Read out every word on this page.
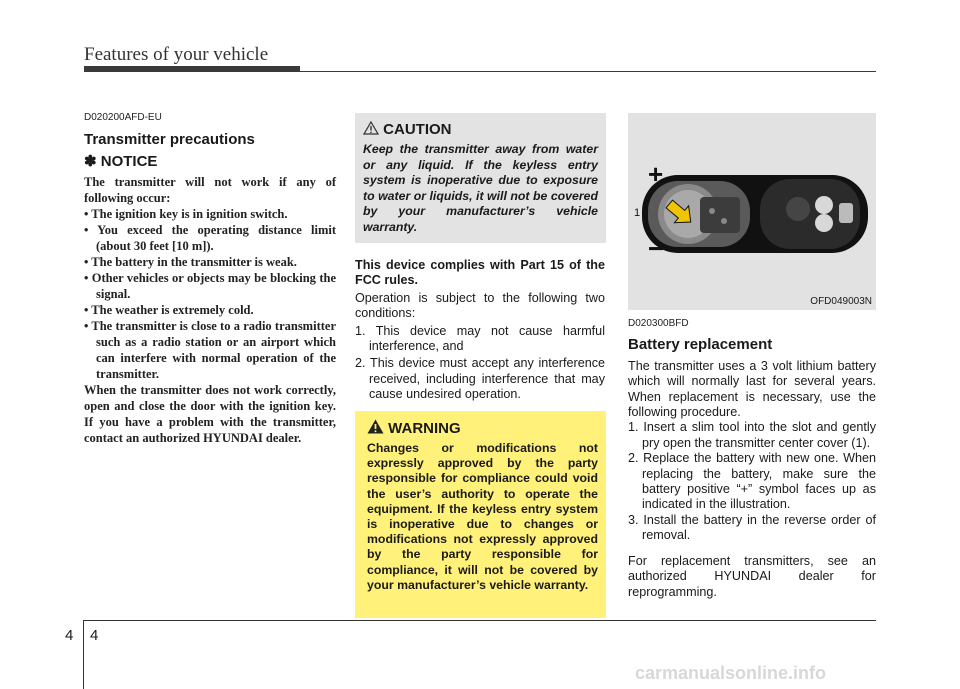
Features of your vehicle
D020200AFD-EU
Transmitter precautions
✽ NOTICE

The transmitter will not work if any of following occur:

• The ignition key is in ignition switch.
• You exceed the operating distance limit (about 30 feet [10 m]).
• The battery in the transmitter is weak.
• Other vehicles or objects may be blocking the signal.
• The weather is extremely cold.
• The transmitter is close to a radio transmitter such as a radio station or an airport which can interfere with normal operation of the transmitter.

When the transmitter does not work correctly, open and close the door with the ignition key. If you have a problem with the transmitter, contact an authorized HYUNDAI dealer.

CAUTION
Keep the transmitter away from water or any liquid. If the keyless entry system is inoperative due to exposure to water or liquids, it will not be covered by your manufacturer’s vehicle warranty.

This device complies with Part 15 of the FCC rules.

Operation is subject to the following two conditions:

1. This device may not cause harmful interference, and

2. This device must accept any interference received, including interference that may cause undesired operation.

WARNING
Changes or modifications not expressly approved by the party responsible for compliance could void the user’s authority to operate the equipment. If the keyless entry system is inoperative due to changes or modifications not expressly approved by the party responsible for compliance, it will not be covered by your manufacturer’s vehicle warranty.
+
−
1
OFD049003N
D020300BFD
Battery replacement

The transmitter uses a 3 volt lithium battery which will normally last for several years. When replacement is necessary, use the following procedure.

1. Insert a slim tool into the slot and gently pry open the transmitter center cover (1).

2. Replace the battery with new one. When replacing the battery, make sure the battery positive “+” symbol faces up as indicated in the illustration.

3. Install the battery in the reverse order of removal.

For replacement transmitters, see an authorized HYUNDAI dealer for reprogramming.

4 4
carmanualsonline.info
